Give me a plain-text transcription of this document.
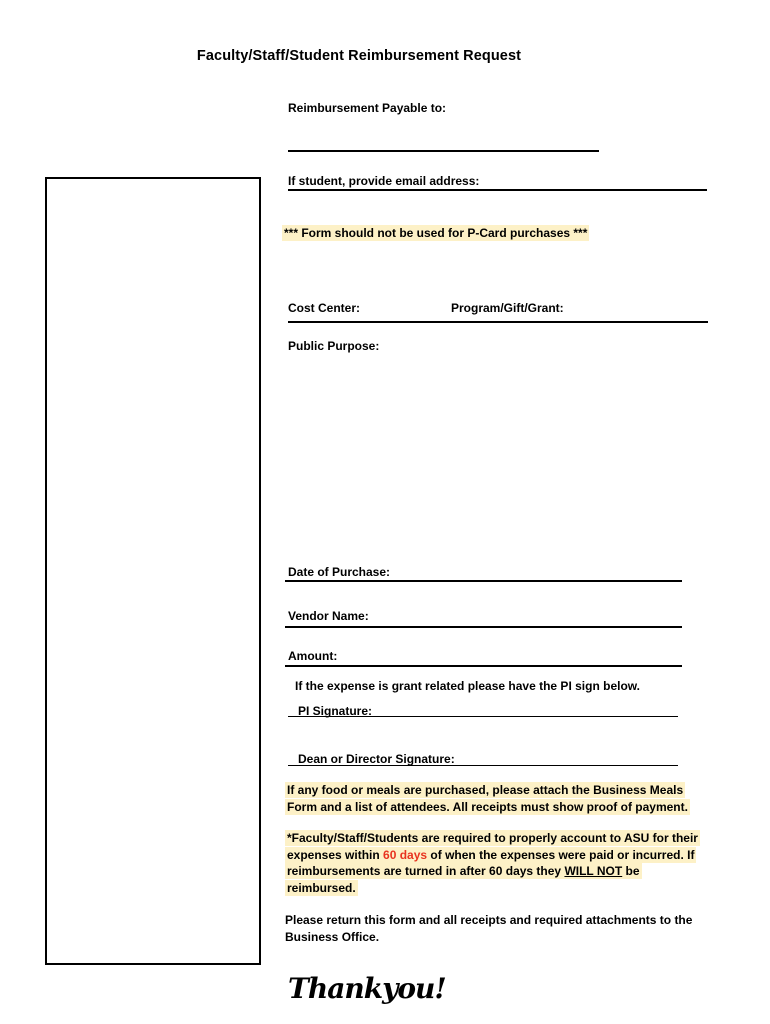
Faculty/Staff/Student Reimbursement Request
Reimbursement Payable to:
If student, provide email address:
*** Form should not be used for P-Card purchases ***
Cost Center:	Program/Gift/Grant:
Public Purpose:
Date of Purchase:
Vendor Name:
Amount:
If the expense is grant related please have the PI sign below.
PI Signature:
Dean or Director Signature:
If any food or meals are purchased, please attach the Business Meals
Form and a list of attendees. All receipts must show proof of payment.
*Faculty/Staff/Students are required to properly account to ASU for their
expenses within 60 days of when the expenses were paid or incurred. If
reimbursements are turned in after 60 days they WILL NOT be
reimbursed.
Please return this form and all receipts and required attachments to the
Business Office.
Thankyou!
